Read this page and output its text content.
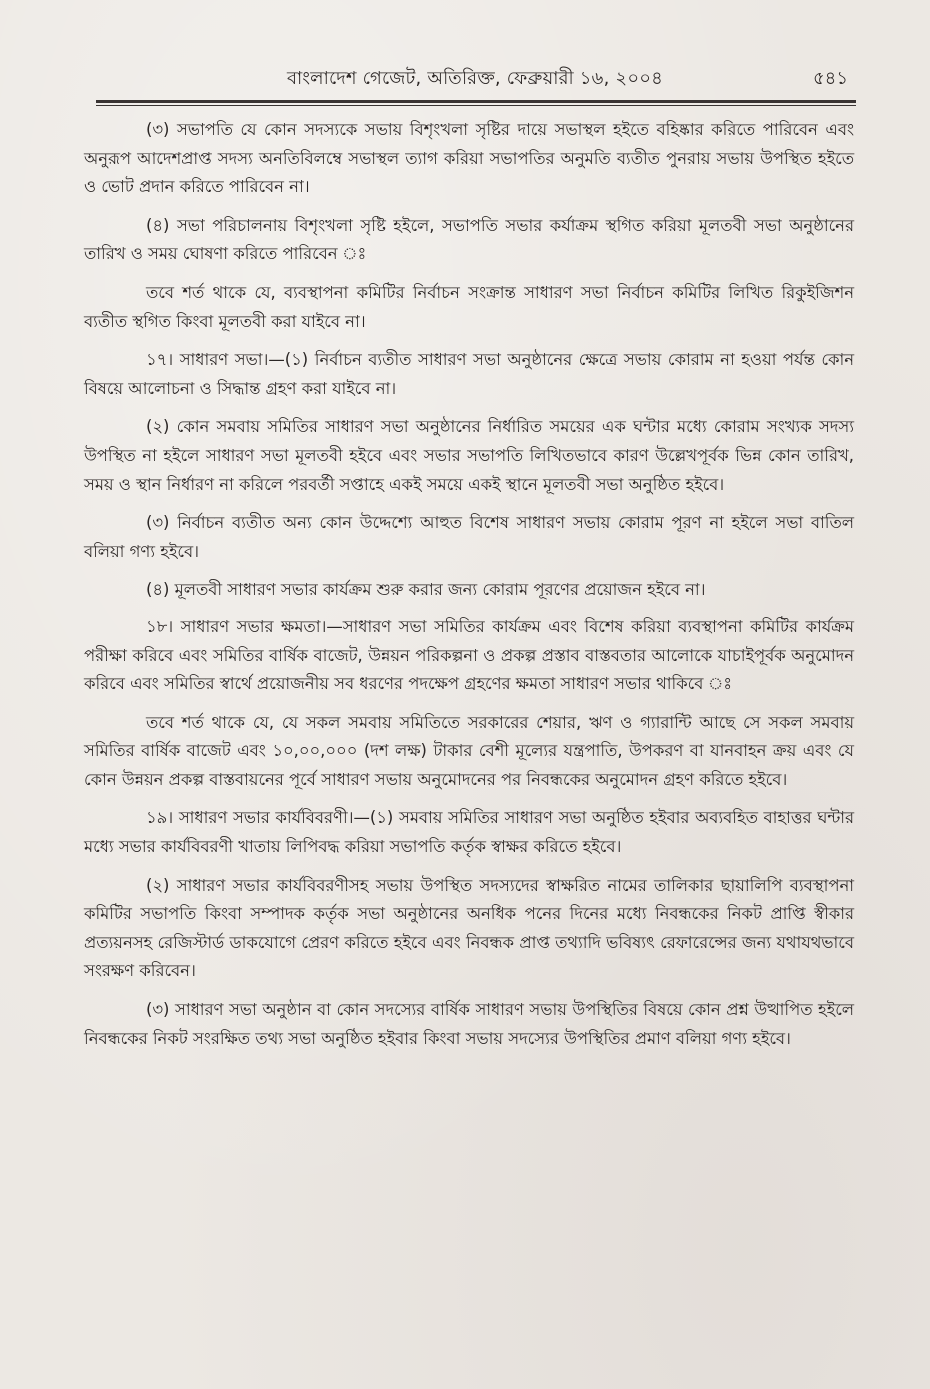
বাংলাদেশ গেজেট, অতিরিক্ত, ফেব্রুয়ারী ১৬, ২০০৪	৫৪১

(৩) সভাপতি যে কোন সদস্যকে সভায় বিশৃংখলা সৃষ্টির দায়ে সভাস্থল হইতে বহিষ্কার করিতে পারিবেন এবং অনুরূপ আদেশপ্রাপ্ত সদস্য অনতিবিলম্বে সভাস্থল ত্যাগ করিয়া সভাপতির অনুমতি ব্যতীত পুনরায় সভায় উপস্থিত হইতে ও ভোট প্রদান করিতে পারিবেন না।

(৪) সভা পরিচালনায় বিশৃংখলা সৃষ্টি হইলে, সভাপতি সভার কর্যাক্রম স্থগিত করিয়া মূলতবী সভা অনুষ্ঠানের তারিখ ও সময় ঘোষণা করিতে পারিবেন ঃ

তবে শর্ত থাকে যে, ব্যবস্থাপনা কমিটির নির্বাচন সংক্রান্ত সাধারণ সভা নির্বাচন কমিটির লিখিত রিকুইজিশন ব্যতীত স্থগিত কিংবা মূলতবী করা যাইবে না।

১৭। সাধারণ সভা।—(১) নির্বাচন ব্যতীত সাধারণ সভা অনুষ্ঠানের ক্ষেত্রে সভায় কোরাম না হওয়া পর্যন্ত কোন বিষয়ে আলোচনা ও সিদ্ধান্ত গ্রহণ করা যাইবে না।

(২) কোন সমবায় সমিতির সাধারণ সভা অনুষ্ঠানের নির্ধারিত সময়ের এক ঘন্টার মধ্যে কোরাম সংখ্যক সদস্য উপস্থিত না হইলে সাধারণ সভা মূলতবী হইবে এবং সভার সভাপতি লিখিতভাবে কারণ উল্লেখপূর্বক ভিন্ন কোন তারিখ, সময় ও স্থান নির্ধারণ না করিলে পরবর্তী সপ্তাহে একই সময়ে একই স্থানে মূলতবী সভা অনুষ্ঠিত হইবে।

(৩) নির্বাচন ব্যতীত অন্য কোন উদ্দেশ্যে আহুত বিশেষ সাধারণ সভায় কোরাম পূরণ না হইলে সভা বাতিল বলিয়া গণ্য হইবে।

(৪) মূলতবী সাধারণ সভার কার্যক্রম শুরু করার জন্য কোরাম পূরণের প্রয়োজন হইবে না।

১৮। সাধারণ সভার ক্ষমতা।—সাধারণ সভা সমিতির কার্যক্রম এবং বিশেষ করিয়া ব্যবস্থাপনা কমিটির কার্যক্রম পরীক্ষা করিবে এবং সমিতির বার্ষিক বাজেট, উন্নয়ন পরিকল্পনা ও প্রকল্প প্রস্তাব বাস্তবতার আলোকে যাচাইপূর্বক অনুমোদন করিবে এবং সমিতির স্বার্থে প্রয়োজনীয় সব ধরণের পদক্ষেপ গ্রহণের ক্ষমতা সাধারণ সভার থাকিবে ঃ

তবে শর্ত থাকে যে, যে সকল সমবায় সমিতিতে সরকারের শেয়ার, ঋণ ও গ্যারান্টি আছে সে সকল সমবায় সমিতির বার্ষিক বাজেট এবং ১০,০০,০০০ (দশ লক্ষ) টাকার বেশী মূল্যের যন্ত্রপাতি, উপকরণ বা যানবাহন ক্রয় এবং যে কোন উন্নয়ন প্রকল্প বাস্তবায়নের পূর্বে সাধারণ সভায় অনুমোদনের পর নিবন্ধকের অনুমোদন গ্রহণ করিতে হইবে।

১৯। সাধারণ সভার কার্যবিবরণী।—(১) সমবায় সমিতির সাধারণ সভা অনুষ্ঠিত হইবার অব্যবহিত বাহাত্তর ঘন্টার মধ্যে সভার কার্যবিবরণী খাতায় লিপিবদ্ধ করিয়া সভাপতি কর্তৃক স্বাক্ষর করিতে হইবে।

(২) সাধারণ সভার কার্যবিবরণীসহ সভায় উপস্থিত সদস্যদের স্বাক্ষরিত নামের তালিকার ছায়ালিপি ব্যবস্থাপনা কমিটির সভাপতি কিংবা সম্পাদক কর্তৃক সভা অনুষ্ঠানের অনধিক পনের দিনের মধ্যে নিবন্ধকের নিকট প্রাপ্তি স্বীকার প্রত্যয়নসহ রেজিস্টার্ড ডাকযোগে প্রেরণ করিতে হইবে এবং নিবন্ধক প্রাপ্ত তথ্যাদি ভবিষ্যৎ রেফারেন্সের জন্য যথাযথভাবে সংরক্ষণ করিবেন।

(৩) সাধারণ সভা অনুষ্ঠান বা কোন সদস্যের বার্ষিক সাধারণ সভায় উপস্থিতির বিষয়ে কোন প্রশ্ন উত্থাপিত হইলে নিবন্ধকের নিকট সংরক্ষিত তথ্য সভা অনুষ্ঠিত হইবার কিংবা সভায় সদস্যের উপস্থিতির প্রমাণ বলিয়া গণ্য হইবে।
